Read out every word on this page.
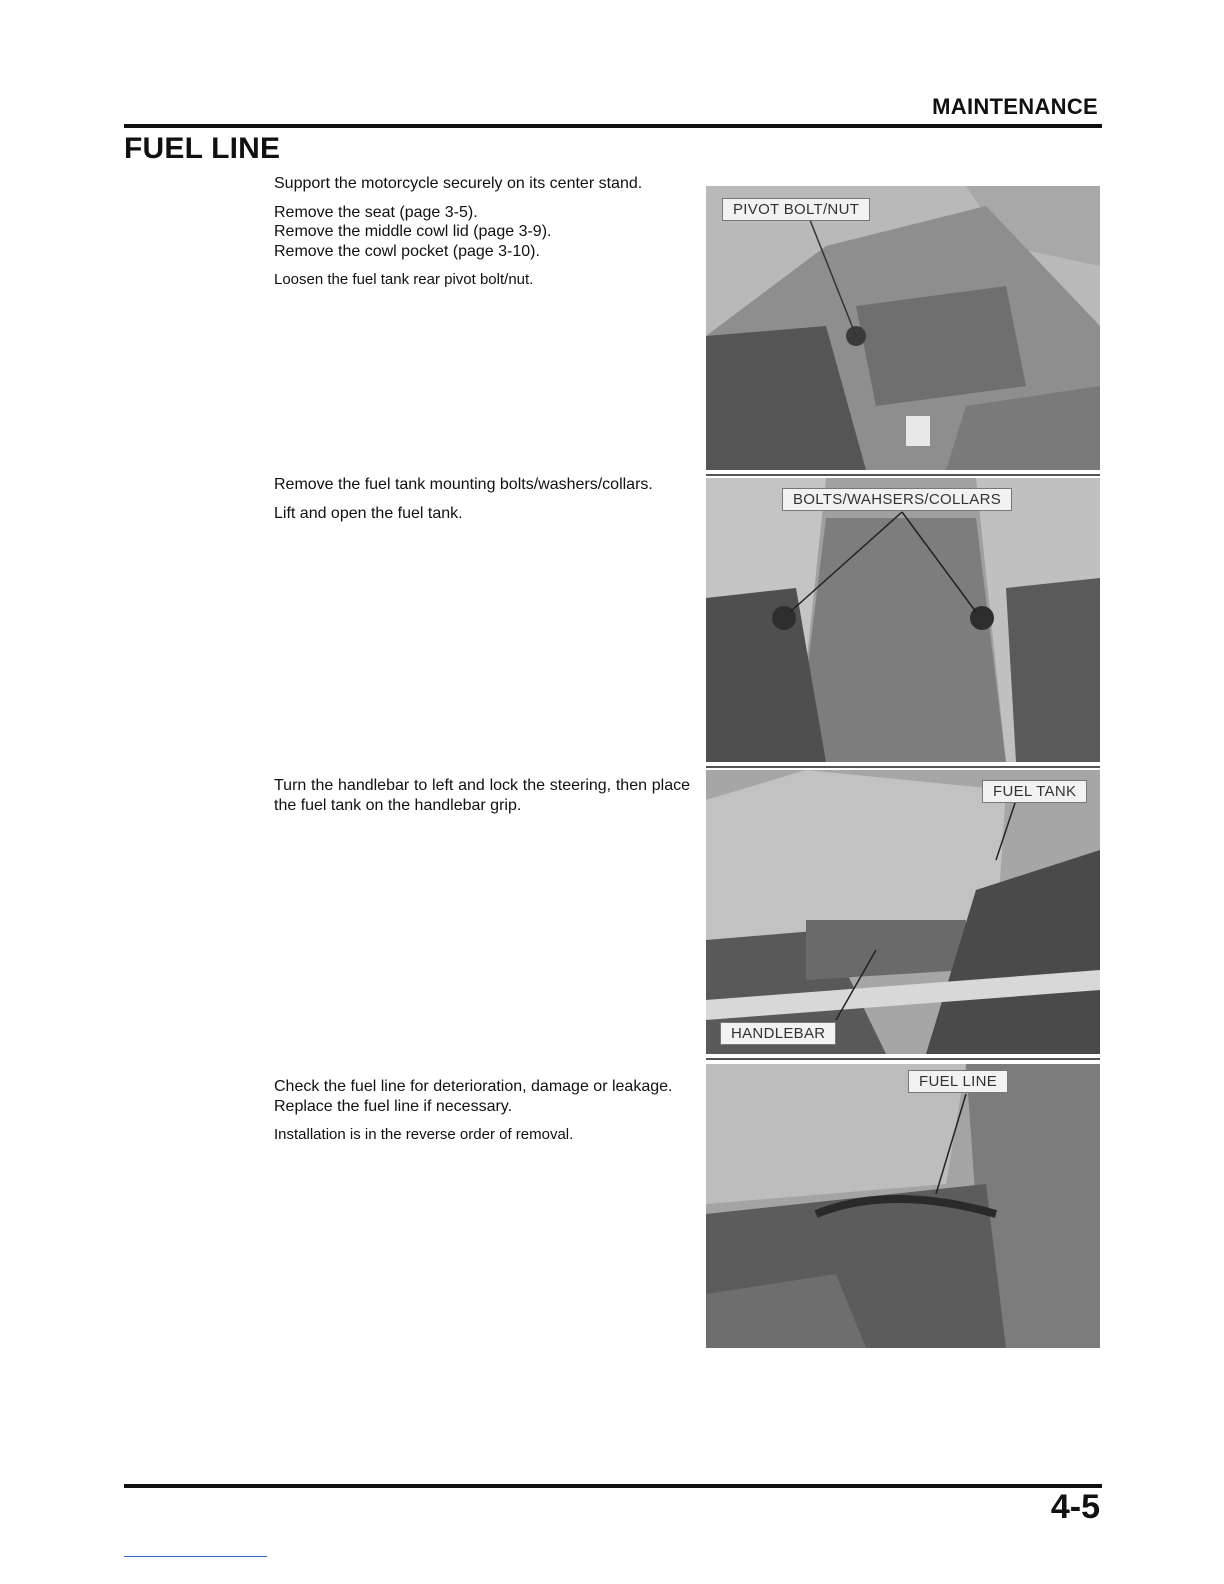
MAINTENANCE
FUEL LINE

Support the motorcycle securely on its center stand.

Remove the seat (page 3-5).

Remove the middle cowl lid (page 3-9).

Remove the cowl pocket (page 3-10).

Loosen the fuel tank rear pivot bolt/nut.

PIVOT BOLT/NUT

Remove the fuel tank mounting bolts/washers/collars.

Lift and open the fuel tank.

BOLTS/WAHSERS/COLLARS

Turn the handlebar to left and lock the steering, then place the fuel tank on the handlebar grip.

FUEL TANK
HANDLEBAR

Check the fuel line for deterioration, damage or leakage.

Replace the fuel line if necessary.

Installation is in the reverse order of removal.

FUEL LINE
4-5
